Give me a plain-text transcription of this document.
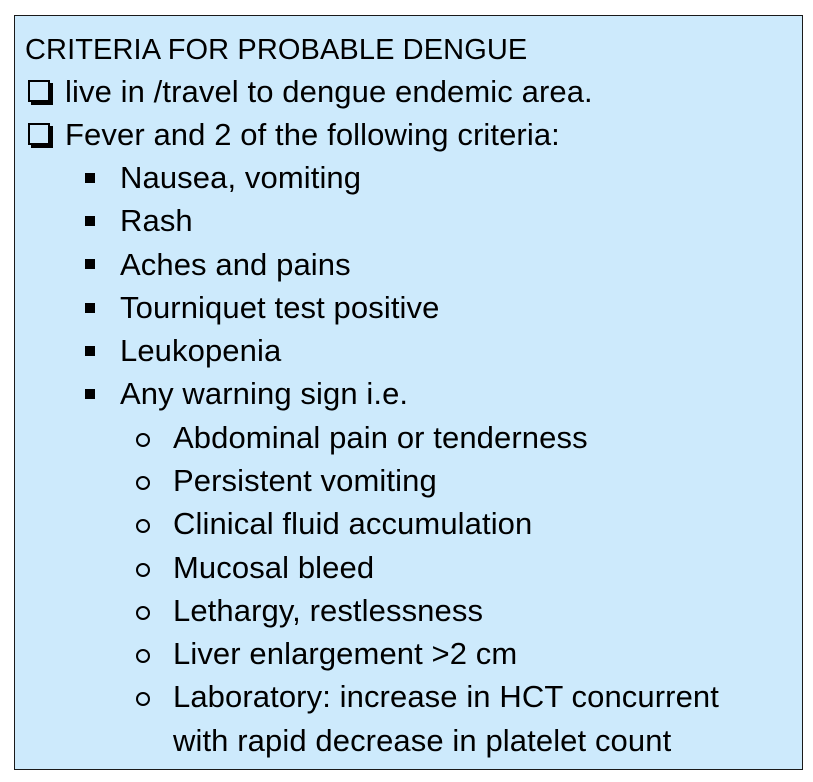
CRITERIA FOR PROBABLE DENGUE
live in /travel to dengue endemic area.
Fever and 2 of the following criteria:
Nausea, vomiting
Rash
Aches and pains
Tourniquet test positive
Leukopenia
Any warning sign i.e.
Abdominal pain or tenderness
Persistent vomiting
Clinical fluid accumulation
Mucosal bleed
Lethargy, restlessness
Liver enlargement >2 cm
Laboratory: increase in HCT concurrent
with rapid decrease in platelet count
